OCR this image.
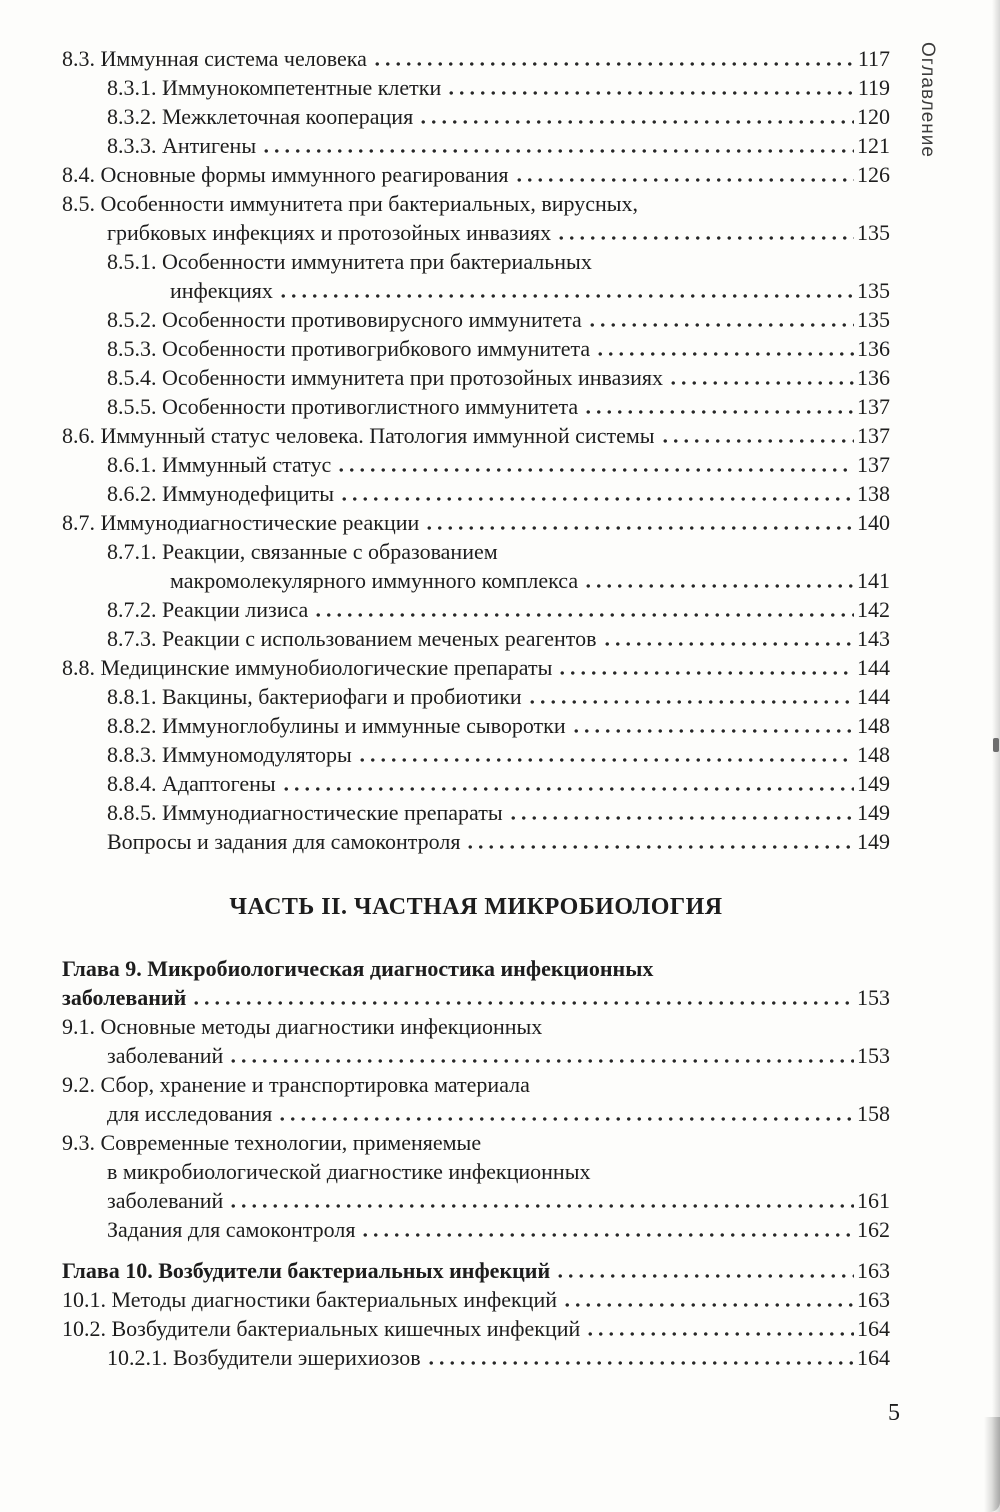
8.3. Иммунная система человека	117
8.3.1. Иммунокомпетентные клетки	119
8.3.2. Межклеточная кооперация	120
8.3.3. Антигены	121
8.4. Основные формы иммунного реагирования	126
8.5. Особенности иммунитета при бактериальных, вирусных,
грибковых инфекциях и протозойных инвазиях	135
8.5.1. Особенности иммунитета при бактериальных
инфекциях	135
8.5.2. Особенности противовирусного иммунитета	135
8.5.3. Особенности противогрибкового иммунитета	136
8.5.4. Особенности иммунитета при протозойных инвазиях	136
8.5.5. Особенности противоглистного иммунитета	137
8.6. Иммунный статус человека. Патология иммунной системы	137
8.6.1. Иммунный статус	137
8.6.2. Иммунодефициты	138
8.7. Иммунодиагностические реакции	140
8.7.1. Реакции, связанные с образованием
макромолекулярного иммунного комплекса	141
8.7.2. Реакции лизиса	142
8.7.3. Реакции с использованием меченых реагентов	143
8.8. Медицинские иммунобиологические препараты	144
8.8.1. Вакцины, бактериофаги и пробиотики	144
8.8.2. Иммуноглобулины и иммунные сыворотки	148
8.8.3. Иммуномодуляторы	148
8.8.4. Адаптогены	149
8.8.5. Иммунодиагностические препараты	149
Вопросы и задания для самоконтроля	149
ЧАСТЬ II. ЧАСТНАЯ МИКРОБИОЛОГИЯ
Глава 9. Микробиологическая диагностика инфекционных
заболеваний	153
9.1. Основные методы диагностики инфекционных
заболеваний	153
9.2. Сбор, хранение и транспортировка материала
для исследования	158
9.3. Современные технологии, применяемые
в микробиологической диагностике инфекционных
заболеваний	161
Задания для самоконтроля	162
Глава 10. Возбудители бактериальных инфекций	163
10.1. Методы диагностики бактериальных инфекций	163
10.2. Возбудители бактериальных кишечных инфекций	164
10.2.1. Возбудители эшерихиозов	164
Оглавление
5
